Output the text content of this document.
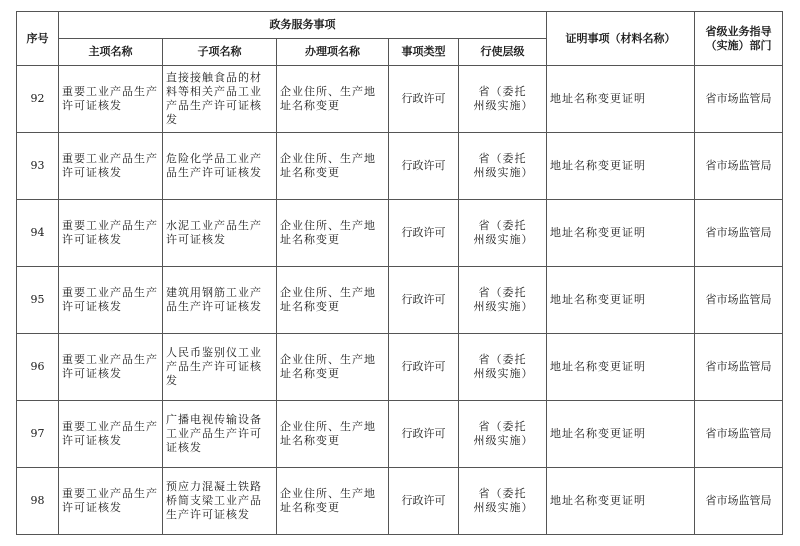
序号	政务服务事项					证明事项（材料名称）	省级业务指导（实施）部门
	主项名称	子项名称	办理项名称	事项类型	行使层级		
92	重要工业产品生产许可证核发	直接接触食品的材料等相关产品工业产品生产许可证核发	企业住所、生产地址名称变更	行政许可	省（委托州级实施）	地址名称变更证明	省市场监管局
93	重要工业产品生产许可证核发	危险化学品工业产品生产许可证核发	企业住所、生产地址名称变更	行政许可	省（委托州级实施）	地址名称变更证明	省市场监管局
94	重要工业产品生产许可证核发	水泥工业产品生产许可证核发	企业住所、生产地址名称变更	行政许可	省（委托州级实施）	地址名称变更证明	省市场监管局
95	重要工业产品生产许可证核发	建筑用钢筋工业产品生产许可证核发	企业住所、生产地址名称变更	行政许可	省（委托州级实施）	地址名称变更证明	省市场监管局
96	重要工业产品生产许可证核发	人民币鉴别仪工业产品生产许可证核发	企业住所、生产地址名称变更	行政许可	省（委托州级实施）	地址名称变更证明	省市场监管局
97	重要工业产品生产许可证核发	广播电视传输设备工业产品生产许可证核发	企业住所、生产地址名称变更	行政许可	省（委托州级实施）	地址名称变更证明	省市场监管局
98	重要工业产品生产许可证核发	预应力混凝土铁路桥简支梁工业产品生产许可证核发	企业住所、生产地址名称变更	行政许可	省（委托州级实施）	地址名称变更证明	省市场监管局
